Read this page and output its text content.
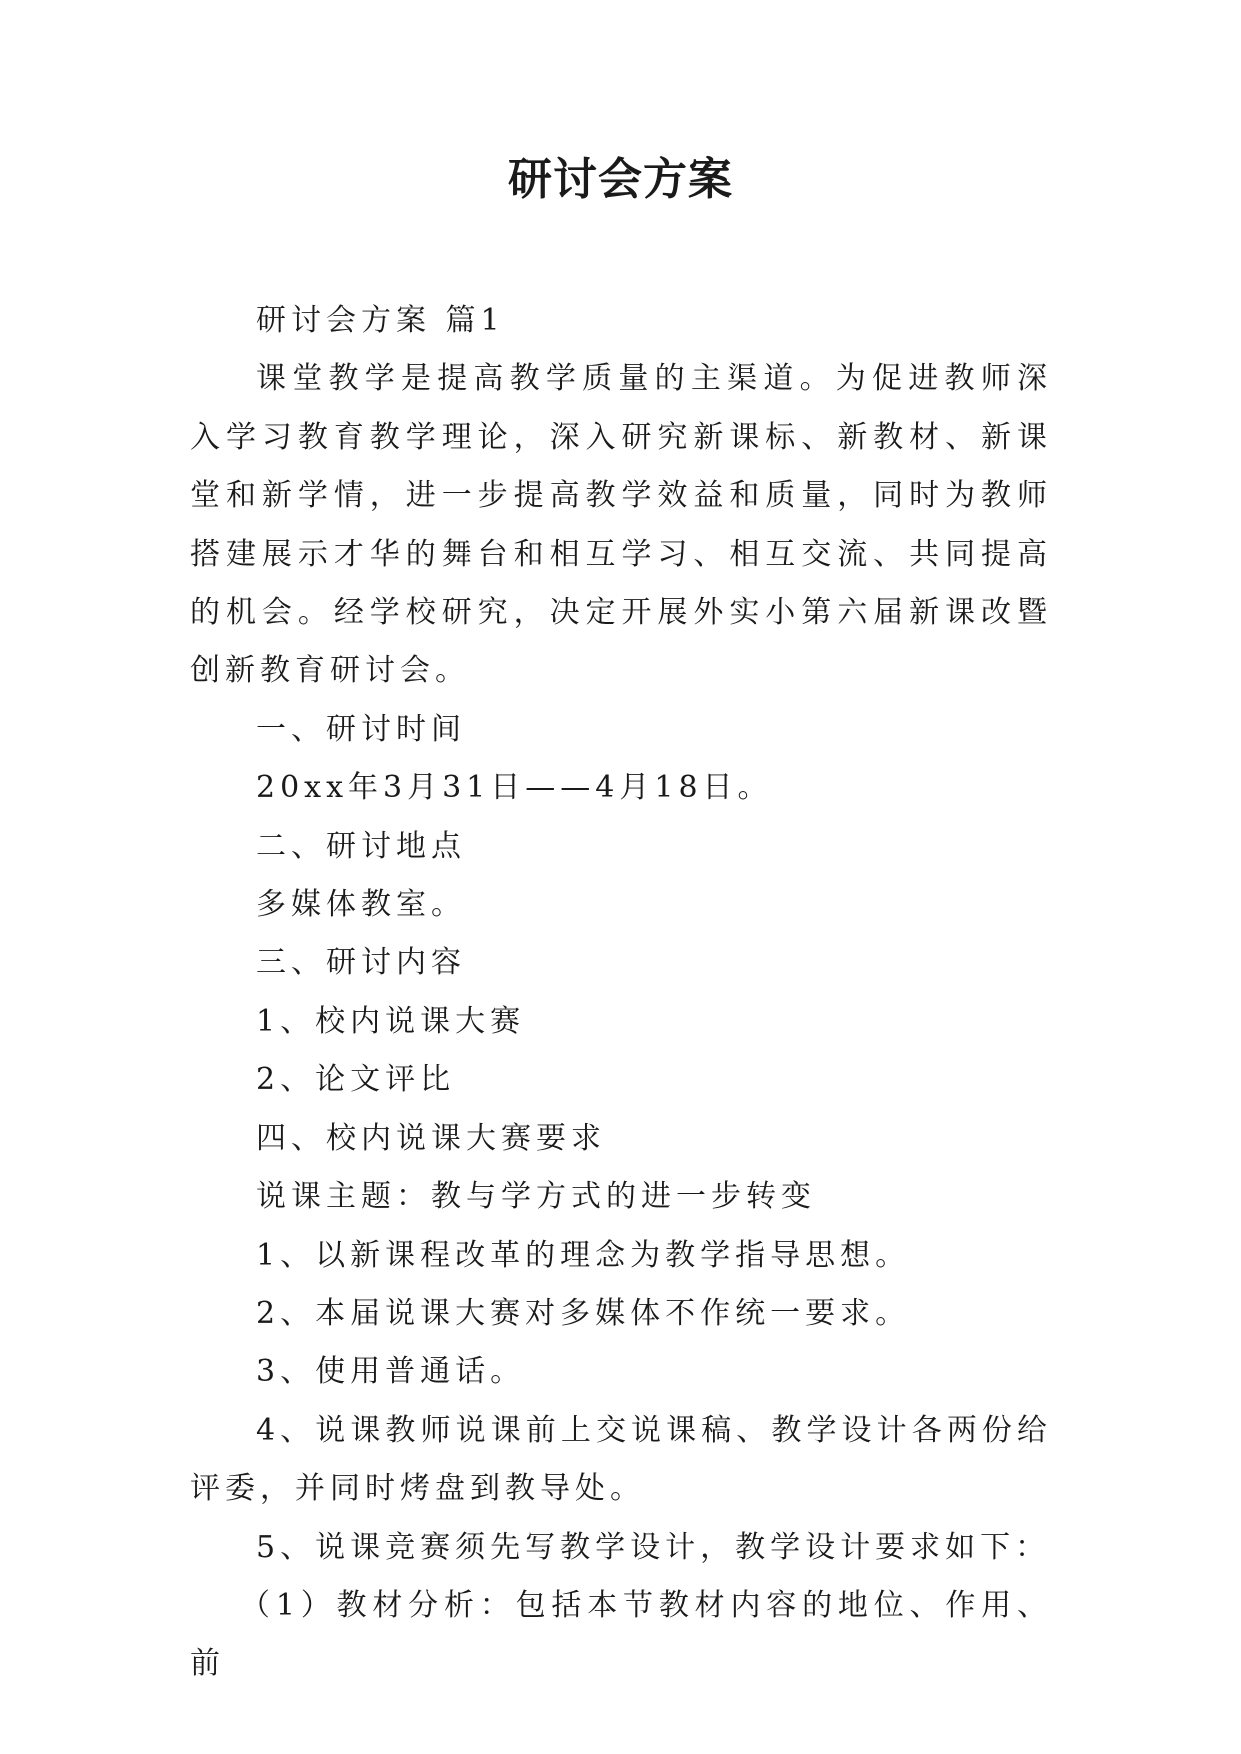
研讨会方案

研讨会方案 篇1

课堂教学是提高教学质量的主渠道。为促进教师深入学习教育教学理论，深入研究新课标、新教材、新课堂和新学情，进一步提高教学效益和质量，同时为教师搭建展示才华的舞台和相互学习、相互交流、共同提高的机会。经学校研究，决定开展外实小第六届新课改暨创新教育研讨会。

一、研讨时间

20xx年3月31日——4月18日。

二、研讨地点

多媒体教室。

三、研讨内容

1、校内说课大赛

2、论文评比

四、校内说课大赛要求

说课主题：教与学方式的进一步转变

1、以新课程改革的理念为教学指导思想。

2、本届说课大赛对多媒体不作统一要求。

3、使用普通话。

4、说课教师说课前上交说课稿、教学设计各两份给评委，并同时烤盘到教导处。

5、说课竞赛须先写教学设计，教学设计要求如下：

（1）教材分析：包括本节教材内容的地位、作用、前
